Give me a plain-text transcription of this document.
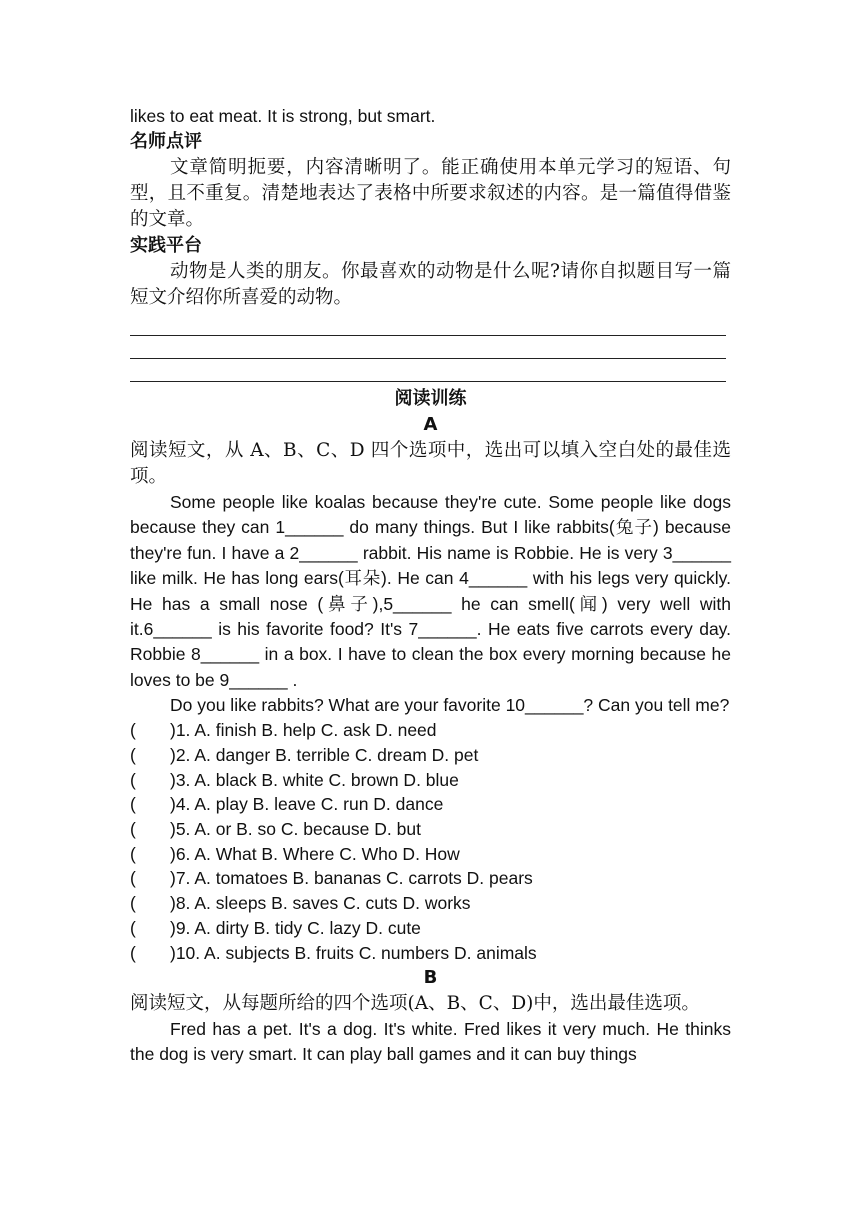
likes to eat meat. It is strong, but smart.

名师点评

文章简明扼要，内容清晰明了。能正确使用本单元学习的短语、句型，且不重复。清楚地表达了表格中所要求叙述的内容。是一篇值得借鉴的文章。

实践平台

动物是人类的朋友。你最喜欢的动物是什么呢?请你自拟题目写一篇短文介绍你所喜爱的动物。

阅读训练

A

阅读短文，从 A、B、C、D 四个选项中，选出可以填入空白处的最佳选项。

Some people like koalas because they're cute. Some people like dogs because they can 1______ do many things. But I like rabbits(兔子) because they're fun. I have a 2______ rabbit. His name is Robbie. He is very 3______ like milk. He has long ears(耳朵). He can 4______ with his legs very quickly. He has a small nose (鼻子),5______ he can smell(闻) very well with it.6______ is his favorite food? It's 7______. He eats five carrots every day. Robbie 8______ in a box. I have to clean the box every morning because he loves to be 9______ .

Do you like rabbits? What are your favorite 10______? Can you tell me?

(	)1. A. finish B. help C. ask D. need
(	)2. A. danger B. terrible C. dream D. pet
(	)3. A. black B. white C. brown D. blue
(	)4. A. play B. leave C. run D. dance
(	)5. A. or B. so C. because D. but
(	)6. A. What B. Where C. Who D. How
(	)7. A. tomatoes B. bananas C. carrots D. pears
(	)8. A. sleeps B. saves C. cuts D. works
(	)9. A. dirty B. tidy C. lazy D. cute
(	)10. A. subjects B. fruits C. numbers D. animals

B

阅读短文，从每题所给的四个选项(A、B、C、D)中，选出最佳选项。

Fred has a pet. It's a dog. It's white. Fred likes it very much. He thinks the dog is very smart. It can play ball games and it can buy things
